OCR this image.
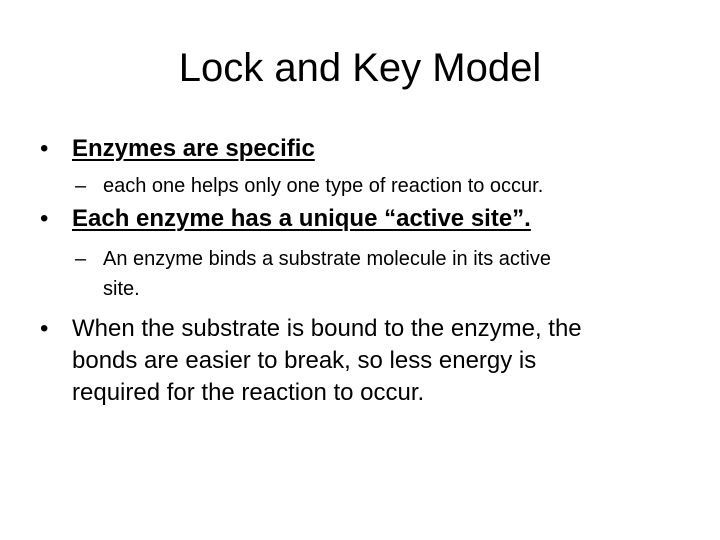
Lock and Key Model
• Enzymes are specific
– each one helps only one type of reaction to occur.
• Each enzyme has a unique “active site”.
– An enzyme binds a substrate molecule in its active
site.
• When the substrate is bound to the enzyme, the
bonds are easier to break, so less energy is
required for the reaction to occur.
